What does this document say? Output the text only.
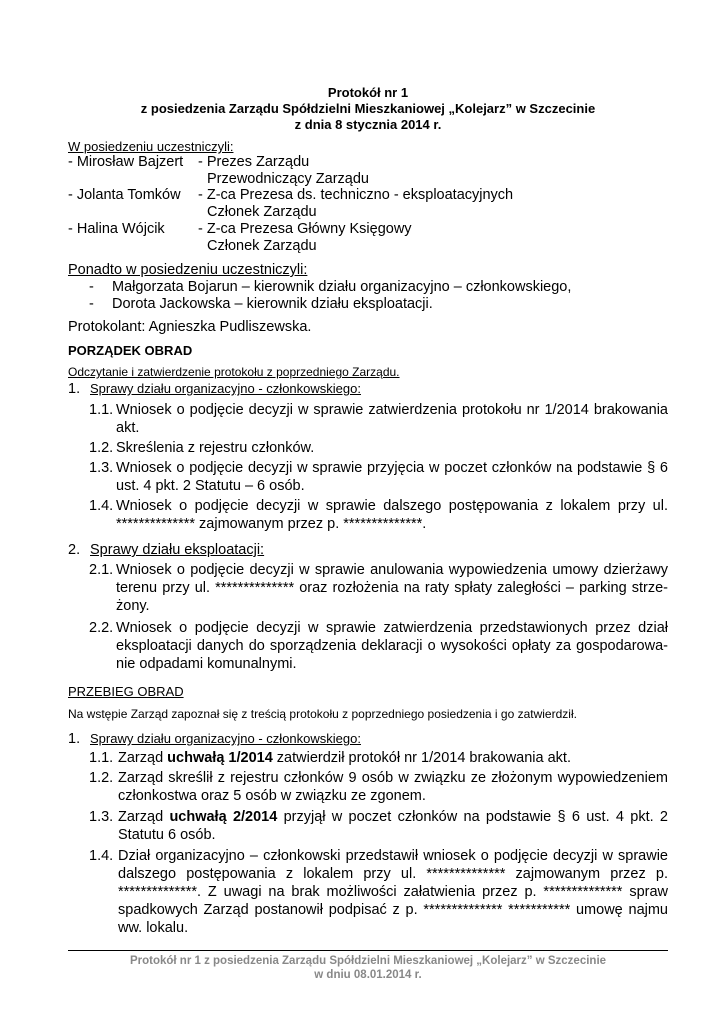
Protokół nr 1
z posiedzenia Zarządu Spółdzielni Mieszkaniowej „Kolejarz” w Szczecinie
z dnia 8 stycznia 2014 r.
W posiedzeniu uczestniczyli:
- Mirosław Bajzert - Prezes Zarządu
Przewodniczący Zarządu
- Jolanta Tomków - Z-ca Prezesa ds. techniczno - eksploatacyjnych
Członek Zarządu
- Halina Wójcik - Z-ca Prezesa Główny Księgowy
Członek Zarządu
Ponadto w posiedzeniu uczestniczyli:
- Małgorzata Bojarun – kierownik działu organizacyjno – członkowskiego,
- Dorota Jackowska – kierownik działu eksploatacji.
Protokolant: Agnieszka Pudliszewska.
PORZĄDEK OBRAD
Odczytanie i zatwierdzenie protokołu z poprzedniego Zarządu.
1. Sprawy działu organizacyjno - członkowskiego:
1.1. Wniosek o podjęcie decyzji w sprawie zatwierdzenia protokołu nr 1/2014 brakowania akt.
1.2. Skreślenia z rejestru członków.
1.3. Wniosek o podjęcie decyzji w sprawie przyjęcia w poczet członków na podstawie § 6 ust. 4 pkt. 2 Statutu – 6 osób.
1.4. Wniosek o podjęcie decyzji w sprawie dalszego postępowania z lokalem przy ul. ************** zajmowanym przez p. **************.
2. Sprawy działu eksploatacji:
2.1. Wniosek o podjęcie decyzji w sprawie anulowania wypowiedzenia umowy dzierżawy terenu przy ul. ************** oraz rozłożenia na raty spłaty zaległości – parking strze-żony.
2.2. Wniosek o podjęcie decyzji w sprawie zatwierdzenia przedstawionych przez dział eksploatacji danych do sporządzenia deklaracji o wysokości opłaty za gospodarowa-nie odpadami komunalnymi.
PRZEBIEG OBRAD
Na wstępie Zarząd zapoznał się z treścią protokołu z poprzedniego posiedzenia i go zatwierdził.
1. Sprawy działu organizacyjno - członkowskiego:
1.1. Zarząd uchwałą 1/2014 zatwierdził protokół nr 1/2014 brakowania akt.
1.2. Zarząd skreślił z rejestru członków 9 osób w związku ze złożonym wypowiedzeniem członkostwa oraz 5 osób w związku ze zgonem.
1.3. Zarząd uchwałą 2/2014 przyjął w poczet członków na podstawie § 6 ust. 4 pkt. 2 Statutu 6 osób.
1.4. Dział organizacyjno – członkowski przedstawił wniosek o podjęcie decyzji w sprawie dalszego postępowania z lokalem przy ul. ************** zajmowanym przez p. **************. Z uwagi na brak możliwości załatwienia przez p. ************** spraw spadkowych Zarząd postanowił podpisać z p. ************** *********** umowę najmu ww. lokalu.
Protokół nr 1 z posiedzenia Zarządu Spółdzielni Mieszkaniowej „Kolejarz” w Szczecinie
w dniu 08.01.2014 r.
